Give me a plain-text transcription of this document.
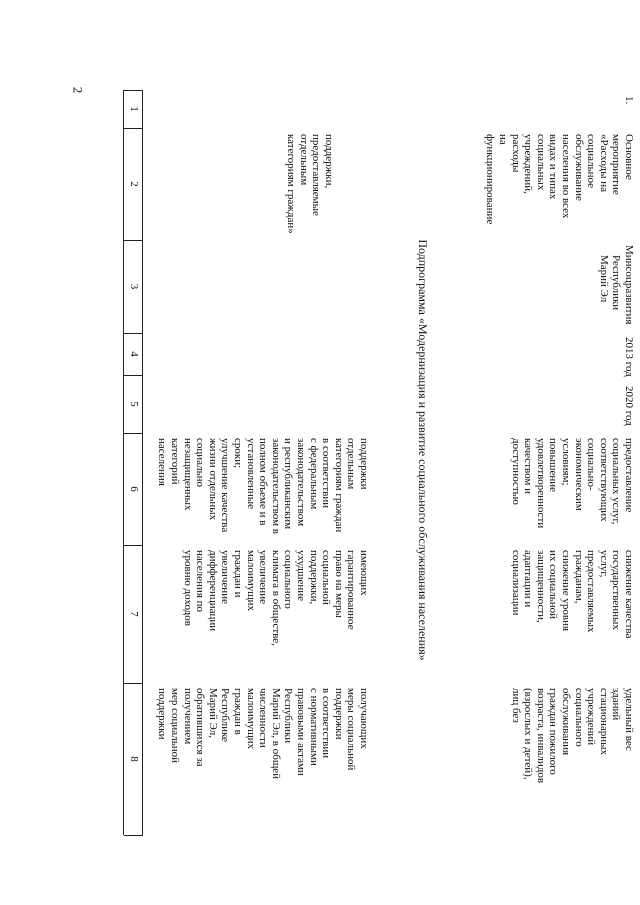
2
1
2
3
4
5
6
7
8
поддержки,
предоставляемые
отдельным
категориям граждан»
поддержки
отдельным
категориям граждан
в соответствии
с федеральным
законодательством
и республиканским
законодательством в
полном объеме и в
установленные
сроки;
улучшение качества
жизни отдельных
социально
незащищенных
категорий
населения
имеющих
гарантированное
право на меры
социальной
поддержки,
ухудшение
социального
климата в обществе,
увеличение
малоимущих
граждан и
увеличение
дифференциации
населения по
уровню доходов
получающих
меры социальной
поддержки
в соответствии
с нормативными
правовыми актами
Республики
Марий Эл, в общей
численности
малоимущих
граждан в
Республике
Марий Эл,
обратившихся за
получением
мер социальной
поддержки
Подпрограмма «Модернизация и развитие социального обслуживания населения»
1.
Основное
мероприятие
«Расходы на
социальное
обслуживание
населения во всех
видах и типах
социальных
учреждений, расходы
на функционирование
Минсоцразвития
Республики
Марий Эл
2013 год
2020 год
предоставление
социальных услуг,
соответствующих
социально-
экономическим
условиям;
повышение
удовлетворенности
качеством и
доступностью
снижение качества
государственных
услуг,
предоставляемых
гражданам,
снижение уровня
их социальной
защищенности,
адаптации и
социализации
удельный вес
зданий
стационарных
учреждений
социального
обслуживания
граждан пожилого
возраста, инвалидов
(взрослых и детей),
лиц без
